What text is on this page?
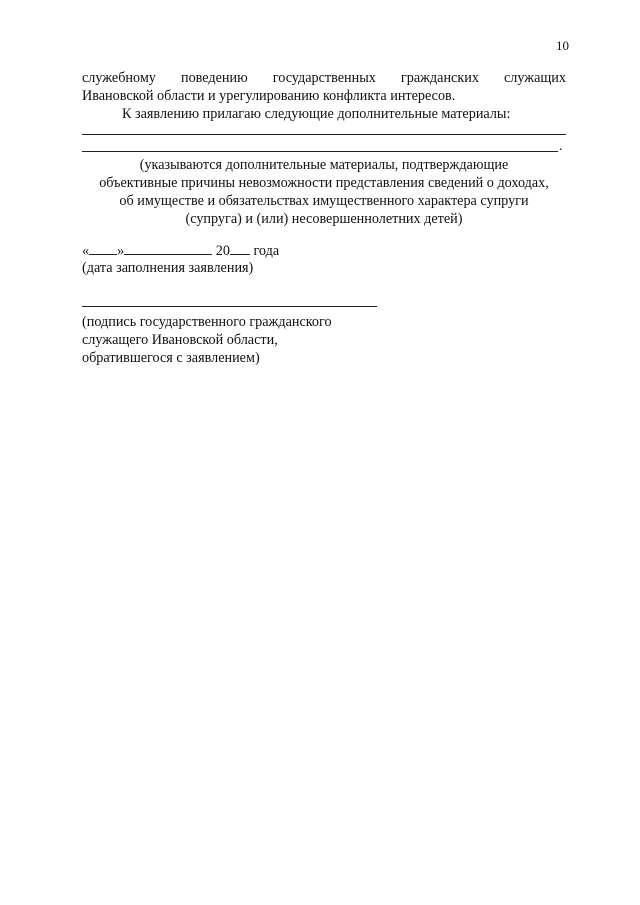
10
служебному поведению государственных гражданских служащих
Ивановской области и урегулированию конфликта интересов.
К заявлению прилагаю следующие дополнительные материалы:
.
(указываются дополнительные материалы, подтверждающие
объективные причины невозможности представления сведений о доходах,
об имуществе и обязательствах имущественного характера супруги
(супруга) и (или) несовершеннолетних детей)
« »	20 года
(дата заполнения заявления)
(подпись государственного гражданского
служащего Ивановской области,
обратившегося с заявлением)
